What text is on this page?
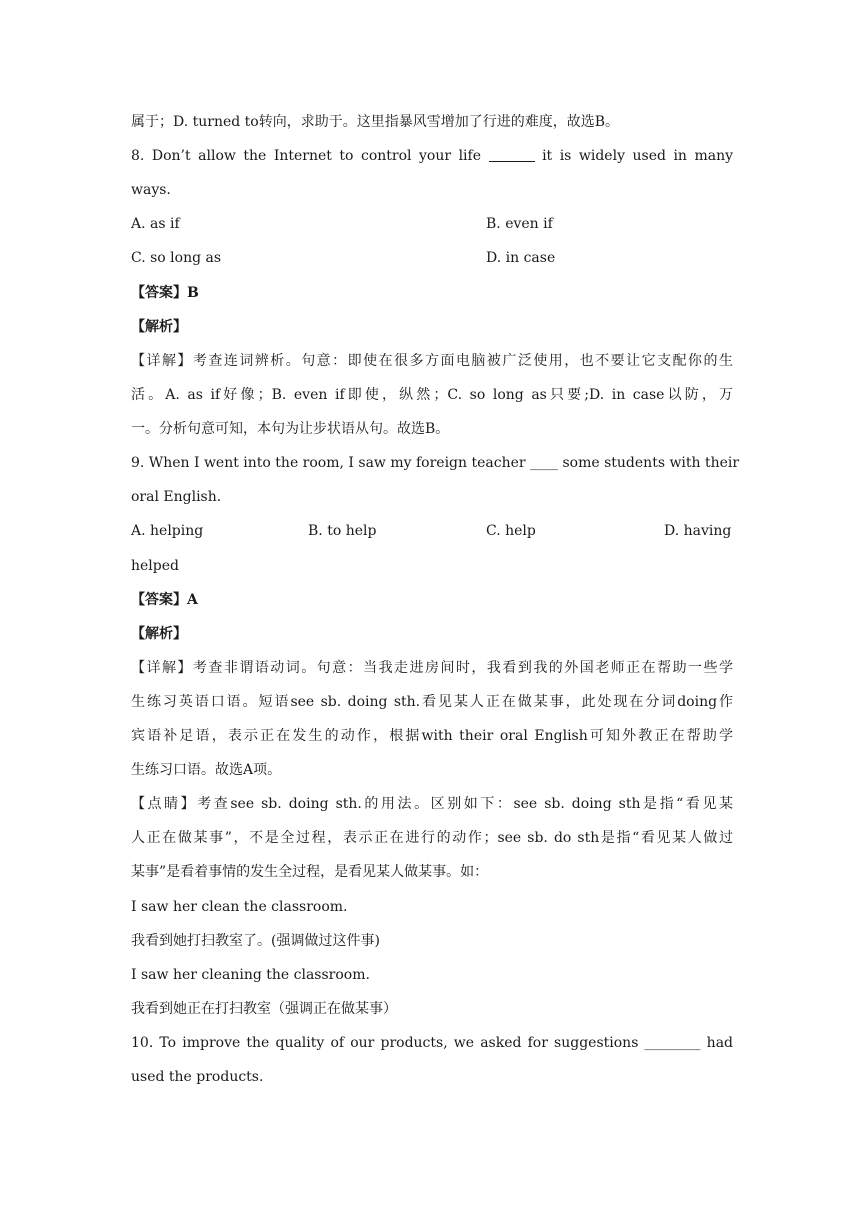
属于；D. turned to转向，求助于。这里指暴风雪增加了行进的难度，故选B。
8. Don’t allow the Internet to control your life	it is widely used in many
ways.
A. as if	B. even if
C. so long as	D. in case
【答案】B
【解析】
【详解】考查连词辨析。句意：即使在很多方面电脑被广泛使用，也不要让它支配你的生
活。A. as if好像；B. even if即使，纵然；C. so long as只要;D. in case以防，万
一。分析句意可知，本句为让步状语从句。故选B。
9. When I went into the room, I saw my foreign teacher ____ some students with their
oral English.
A. helping	B. to help	C. help	D. having
helped
【答案】A
【解析】
【详解】考查非谓语动词。句意：当我走进房间时，我看到我的外国老师正在帮助一些学
生练习英语口语。短语see sb. doing sth.看见某人正在做某事，此处现在分词doing作
宾语补足语，表示正在发生的动作，根据with their oral English可知外教正在帮助学
生练习口语。故选A项。
【点睛】考查see sb. doing sth.的用法。区别如下：see sb. doing sth是指“看见某
人正在做某事”，不是全过程，表示正在进行的动作；see sb. do sth是指“看见某人做过
某事”是看着事情的发生全过程，是看见某人做某事。如：
I saw her clean the classroom.
我看到她打扫教室了。(强调做过这件事)
I saw her cleaning the classroom.
我看到她正在打扫教室（强调正在做某事）
10. To improve the quality of our products, we asked for suggestions ________ had
used the products.
